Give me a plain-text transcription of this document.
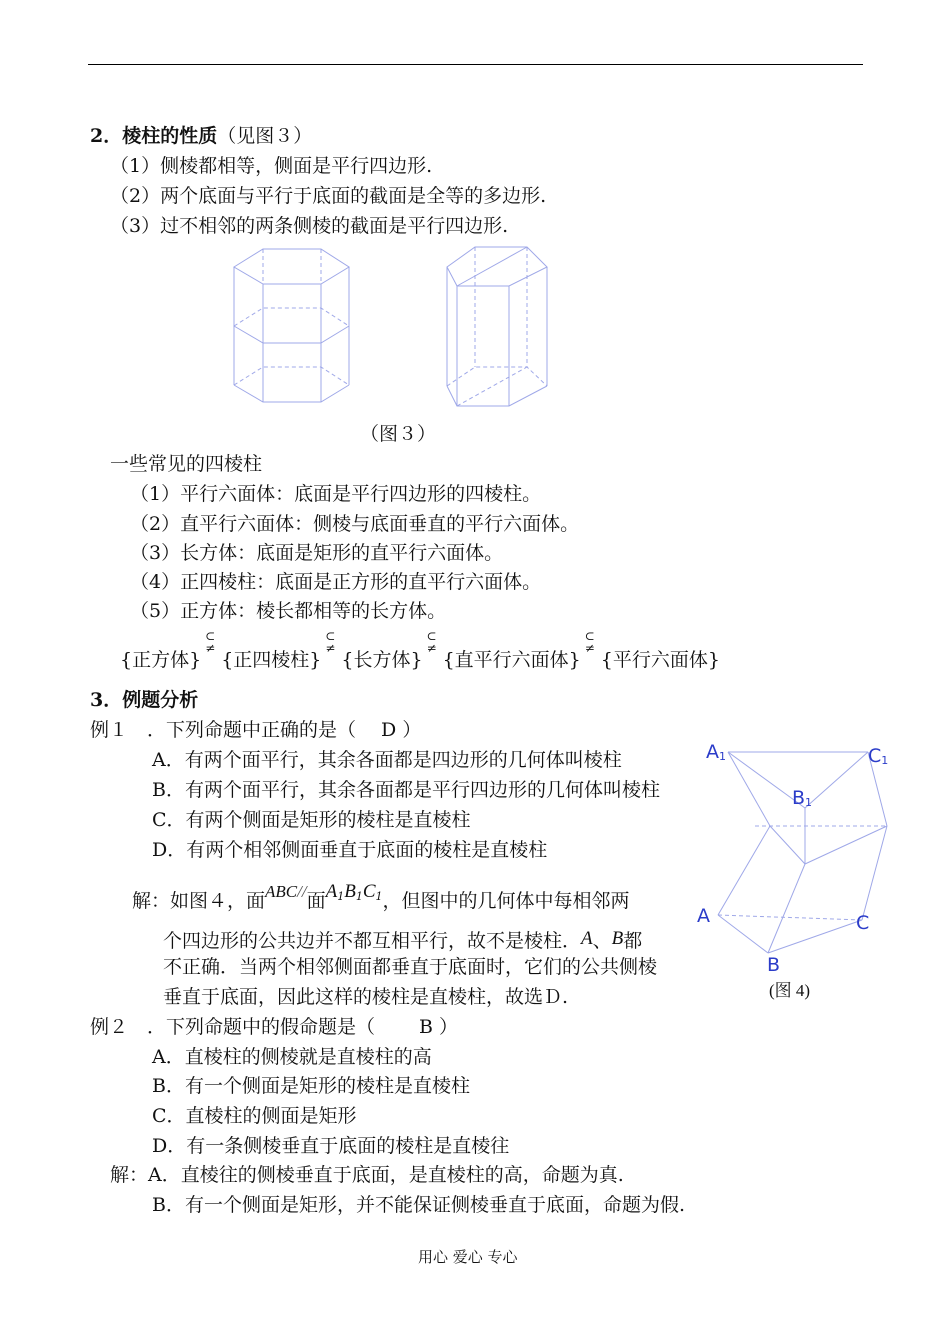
2．棱柱的性质（见图３）
（1）侧棱都相等，侧面是平行四边形.
（2）两个底面与平行于底面的截面是全等的多边形.
（3）过不相邻的两条侧棱的截面是平行四边形.
（图３）
一些常见的四棱柱
（1）平行六面体：底面是平行四边形的四棱柱。
（2）直平行六面体：侧棱与底面垂直的平行六面体。
（3）长方体：底面是矩形的直平行六面体。
（4）正四棱柱：底面是正方形的直平行六面体。
（5）正方体：棱长都相等的长方体。
{正方体}
⊂
≠
{正四棱柱}
⊂
≠
{长方体}
⊂
≠
{直平行六面体}
⊂
≠
{平行六面体}
3．例题分析
例１　．下列命题中正确的是（　 D ）
A．有两个面平行，其余各面都是四边形的几何体叫棱柱
B．有两个面平行，其余各面都是平行四边形的几何体叫棱柱
C．有两个侧面是矩形的棱柱是直棱柱
D．有两个相邻侧面垂直于底面的棱柱是直棱柱
解：如图４，面ABC//面A1B1C1，但图中的几何体中每相邻两
个四边形的公共边并不都互相平行，故不是棱柱．A、B都
不正确．当两个相邻侧面都垂直于底面时，它们的公共侧棱
垂直于底面，因此这样的棱柱是直棱柱，故选Ｄ.
$A_1$	$C_1$
$B_1$
A	C
B
(图 4)
例２　．下列命题中的假命题是（　　 B ）
A．直棱柱的侧棱就是直棱柱的高
B．有一个侧面是矩形的棱柱是直棱柱
C．直棱柱的侧面是矩形
D．有一条侧棱垂直于底面的棱柱是直棱往
解：A．直棱往的侧棱垂直于底面，是直棱柱的高，命题为真.
B．有一个侧面是矩形，并不能保证侧棱垂直于底面，命题为假.
用心 爱心 专心
